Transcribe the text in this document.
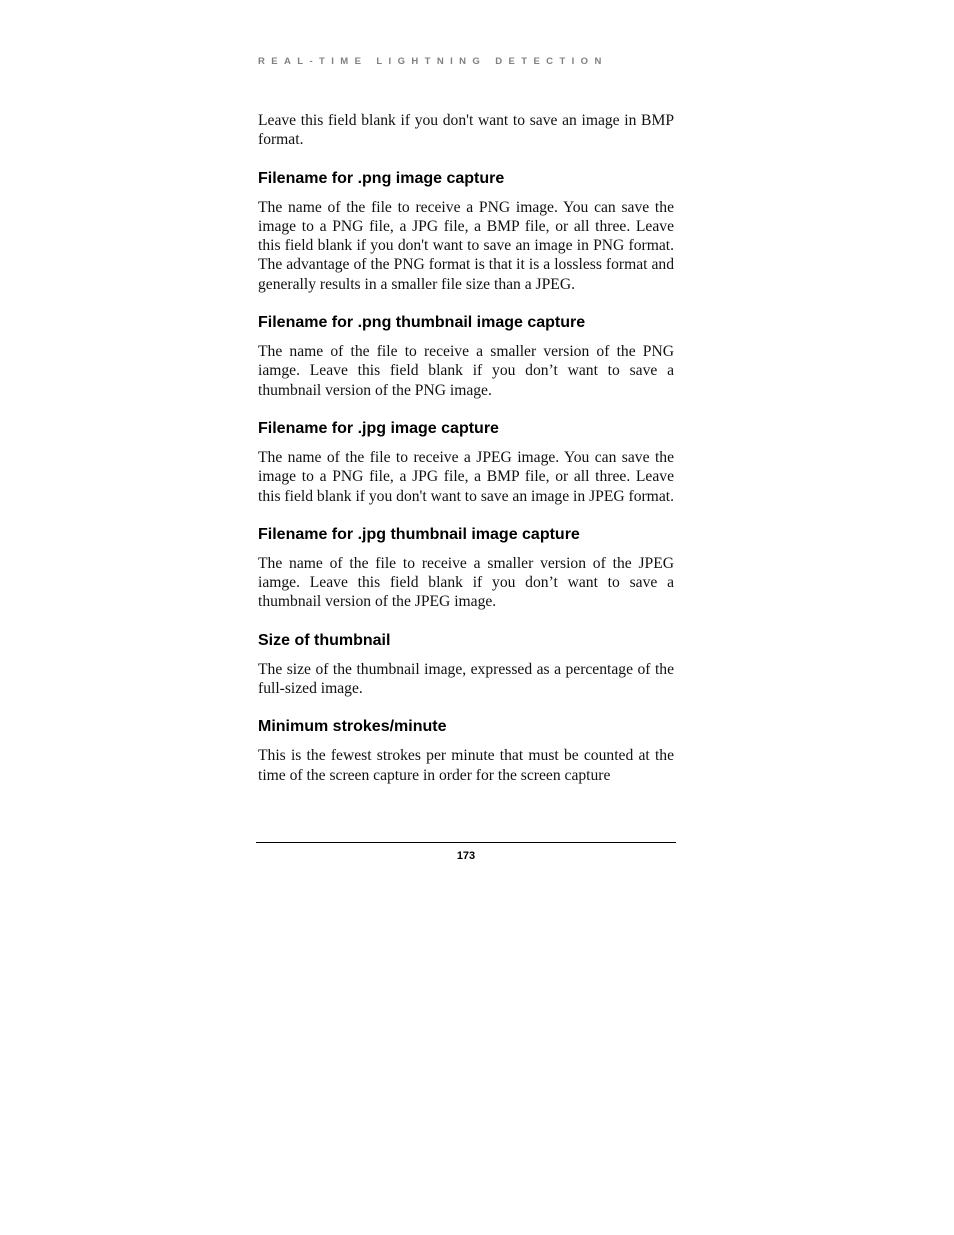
REAL-TIME LIGHTNING DETECTION

Leave this field blank if you don't want to save an image in BMP format.

Filename for .png image capture

The name of the file to receive a PNG image. You can save the image to a PNG file, a JPG file, a BMP file, or all three. Leave this field blank if you don't want to save an image in PNG format. The advantage of the PNG format is that it is a lossless format and generally results in a smaller file size than a JPEG.

Filename for .png thumbnail image capture

The name of the file to receive a smaller version of the PNG iamge. Leave this field blank if you don’t want to save a thumbnail version of the PNG image.

Filename for .jpg image capture

The name of the file to receive a JPEG image. You can save the image to a PNG file, a JPG file, a BMP file, or all three. Leave this field blank if you don't want to save an image in JPEG format.

Filename for .jpg thumbnail image capture

The name of the file to receive a smaller version of the JPEG iamge. Leave this field blank if you don’t want to save a thumbnail version of the JPEG image.

Size of thumbnail

The size of the thumbnail image, expressed as a percentage of the full-sized image.

Minimum strokes/minute

This is the fewest strokes per minute that must be counted at the time of the screen capture in order for the screen capture

173
